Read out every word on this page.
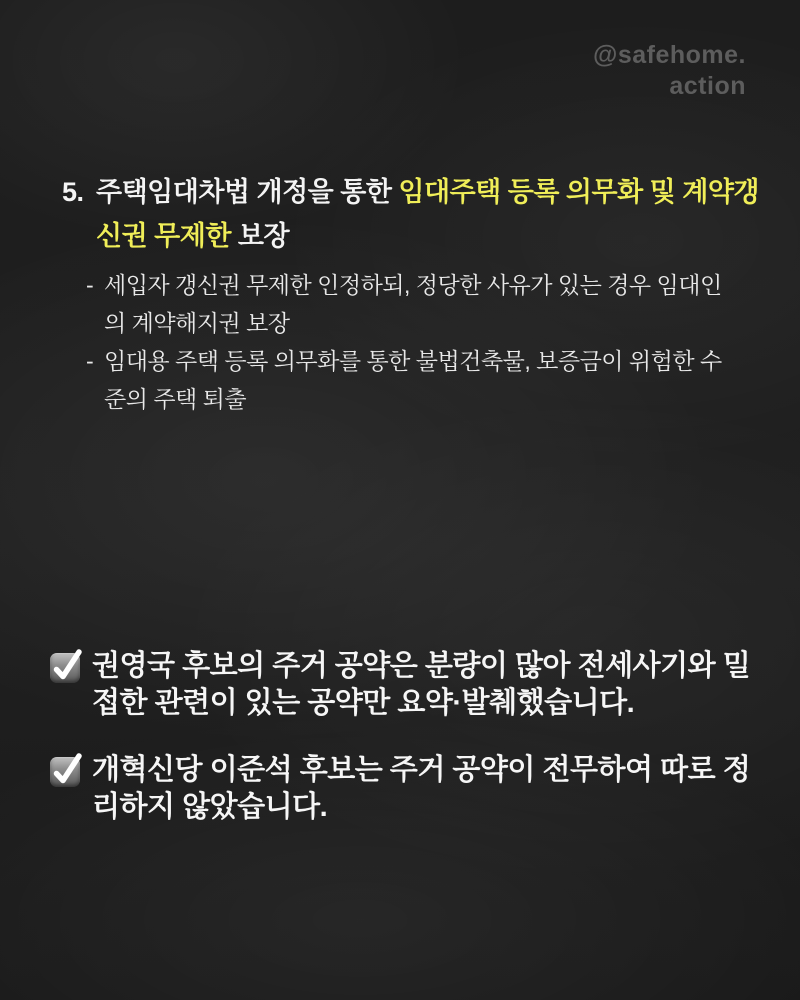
@safehome.
action
5. 주택임대차법 개정을 통한 임대주택 등록 의무화 및 계약갱신권 무제한 보장
- 세입자 갱신권 무제한 인정하되, 정당한 사유가 있는 경우 임대인의 계약해지권 보장
- 임대용 주택 등록 의무화를 통한 불법건축물, 보증금이 위험한 수준의 주택 퇴출
권영국 후보의 주거 공약은 분량이 많아 전세사기와 밀접한 관련이 있는 공약만 요약·발췌했습니다.
개혁신당 이준석 후보는 주거 공약이 전무하여 따로 정리하지 않았습니다.
